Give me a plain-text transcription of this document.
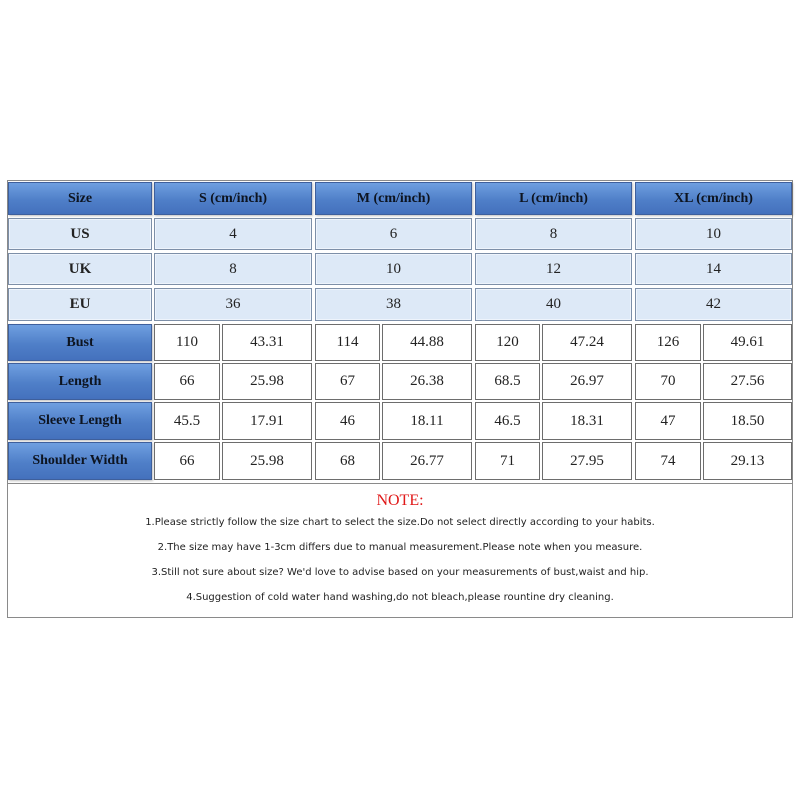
Size	S (cm/inch)	M (cm/inch)	L (cm/inch)	XL (cm/inch)
US	4	6	8	10
UK	8	10	12	14
EU	36	38	40	42
Bust	110	43.31	114	44.88	120	47.24	126	49.61
Length	66	25.98	67	26.38	68.5	26.97	70	27.56
Sleeve Length	45.5	17.91	46	18.11	46.5	18.31	47	18.50
Shoulder Width	66	25.98	68	26.77	71	27.95	74	29.13
NOTE:
1.Please strictly follow the size chart to select the size.Do not select directly according to your habits.
2.The size may have 1-3cm differs due to manual measurement.Please note when you measure.
3.Still not sure about size? We'd love to advise based on your measurements of bust,waist and hip.
4.Suggestion of cold water hand washing,do not bleach,please rountine dry cleaning.
